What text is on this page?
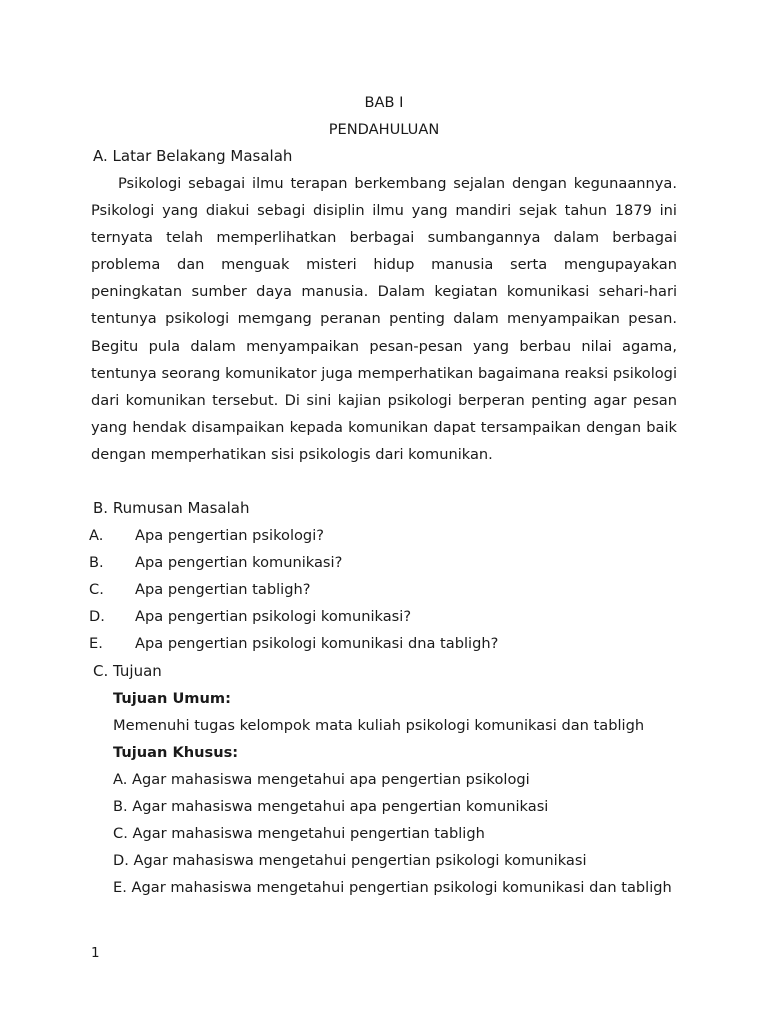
BAB I
PENDAHULUAN
A. Latar Belakang Masalah

Psikologi sebagai ilmu terapan berkembang sejalan dengan kegunaannya. Psikologi yang diakui sebagi disiplin ilmu yang mandiri sejak tahun 1879 ini ternyata telah memperlihatkan berbagai sumbangannya dalam berbagai problema dan menguak misteri hidup manusia serta mengupayakan peningkatan sumber daya manusia. Dalam kegiatan komunikasi sehari-hari tentunya psikologi memgang peranan penting dalam menyampaikan pesan. Begitu pula dalam menyampaikan pesan-pesan yang berbau nilai agama, tentunya seorang komunikator juga memperhatikan bagaimana reaksi psikologi dari komunikan tersebut. Di sini kajian psikologi berperan penting agar pesan yang hendak disampaikan kepada komunikan dapat tersampaikan dengan baik dengan memperhatikan sisi psikologis dari komunikan.

B. Rumusan Masalah
A. Apa pengertian psikologi?
B. Apa pengertian komunikasi?
C. Apa pengertian tabligh?
D. Apa pengertian psikologi komunikasi?
E. Apa pengertian psikologi komunikasi dna tabligh?
C. Tujuan
Tujuan Umum:
Memenuhi tugas kelompok mata kuliah psikologi komunikasi dan tabligh
Tujuan Khusus:
A. Agar mahasiswa mengetahui apa pengertian psikologi
B. Agar mahasiswa mengetahui apa pengertian komunikasi
C. Agar mahasiswa mengetahui pengertian tabligh
D. Agar mahasiswa mengetahui pengertian psikologi komunikasi
E. Agar mahasiswa mengetahui pengertian psikologi komunikasi dan tabligh
1
